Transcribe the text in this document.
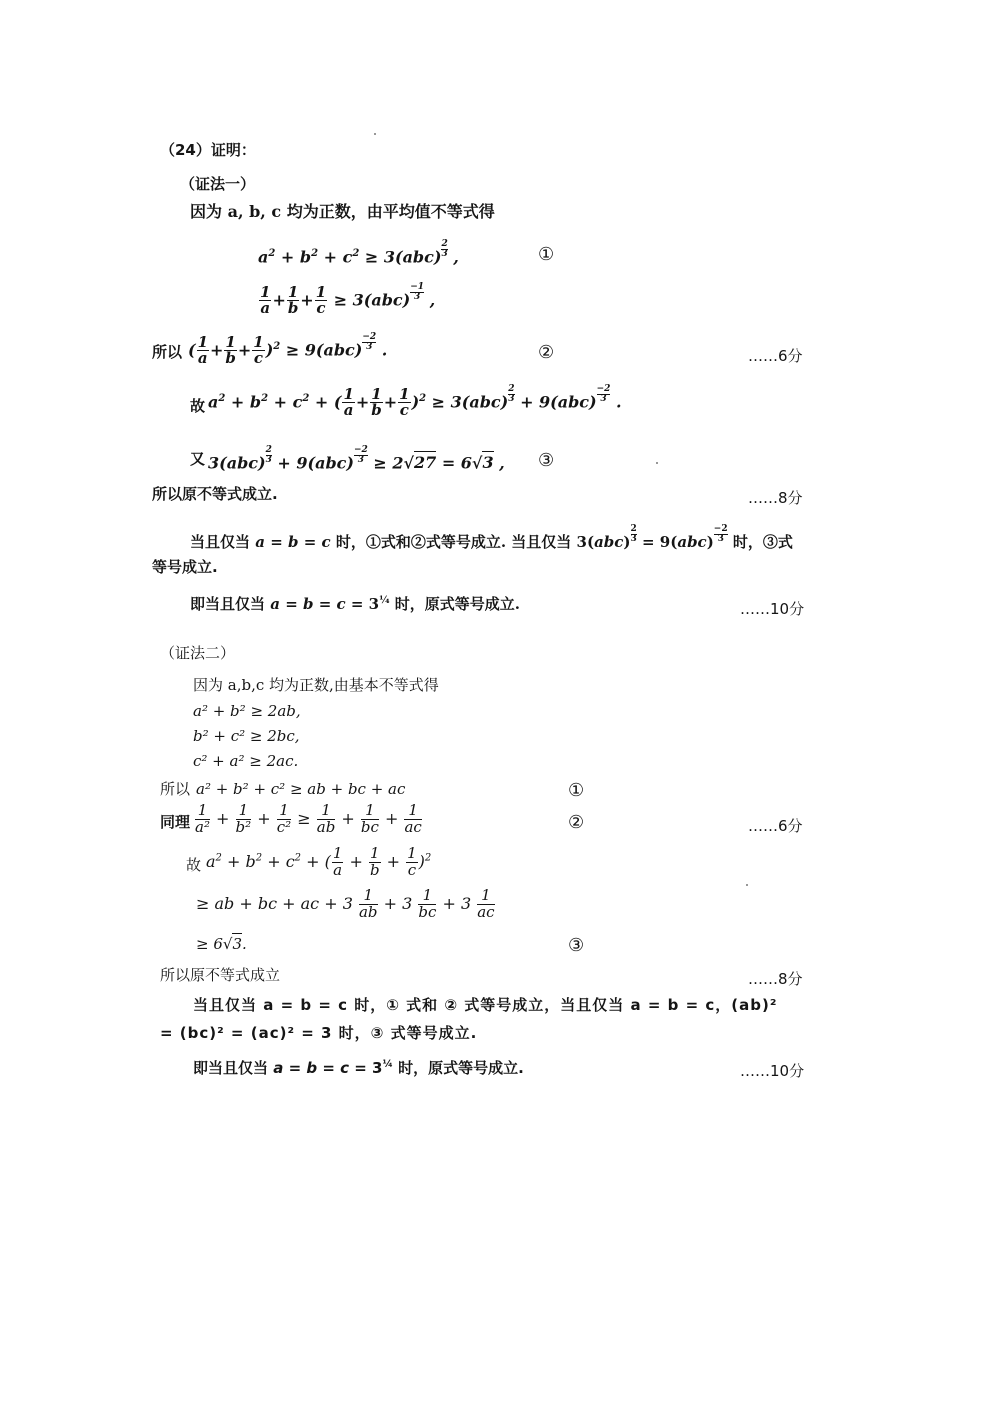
（24）证明：
（证法一）
因为 a, b, c 均为正数，由平均值不等式得
$a^2 + b^2 + c^2 \ge 3(abc) \frac{2}{3}$ ,	①
$\frac{1}{a} + \frac{1}{b} + \frac{1}{c} \ge 3(abc) \frac{-1}{3}$ ,
所以 ( $\frac{1}{a} + \frac{1}{b} + \frac{1}{c} )^2 \ge 9(abc) \frac{-2}{3}$ .	②	……6分
故 $a^2 + b^2 + c^2$ + ( $\frac{1}{a} + \frac{1}{b} + \frac{1}{c} )^2 \ge 3(abc) \frac{2}{3} + 9(abc) \frac{-2}{3}$ .
又 $3(abc) \frac{2}{3} + 9(abc) \frac{-2}{3} \ge 2√27 = 6√3$ , ③
所以原不等式成立.	……8分
当且仅当 a = b = c 时，①式和②式等号成立. 当且仅当 $3(abc) \frac{2}{3} = 9(abc) \frac{-2}{3}$ 时，③式
等号成立.
即当且仅当 $a = b = c = 3^{\frac{1}{4}}$ 时，原式等号成立.	……10分
（证法二）
因为 a,b,c 均为正数,由基本不等式得
a² + b² ≥ 2ab,
b² + c² ≥ 2bc,
c² + a² ≥ 2ac.
所以 a² + b² + c² ≥ ab + bc + ac	①
同理 $\frac{1}{\text{a²}} + \frac{1}{\text{b²}} + \frac{1}{\text{c²}} \ge \frac{1}{ab} + \frac{1}{bc} + \frac{1}{ac}$	②	……6分
故 $a^2 + b^2 + c^2$ + ( $\frac{1}{a} + \frac{1}{b} + \frac{1}{c} )^2$
≥ ab + bc + ac + $3 \frac{1}{ab} + 3 \frac{1}{bc} + 3 \frac{1}{ac}$
≥ 6√3.	③
所以原不等式成立	……8分
当且仅当 a = b = c 时，① 式和 ② 式等号成立，当且仅当 a = b = c，(ab)²
= (bc)² = (ac)² = 3 时，③ 式等号成立.
即当且仅当 $a = b = c = 3^{\frac{1}{4}}$ 时，原式等号成立.	……10分
